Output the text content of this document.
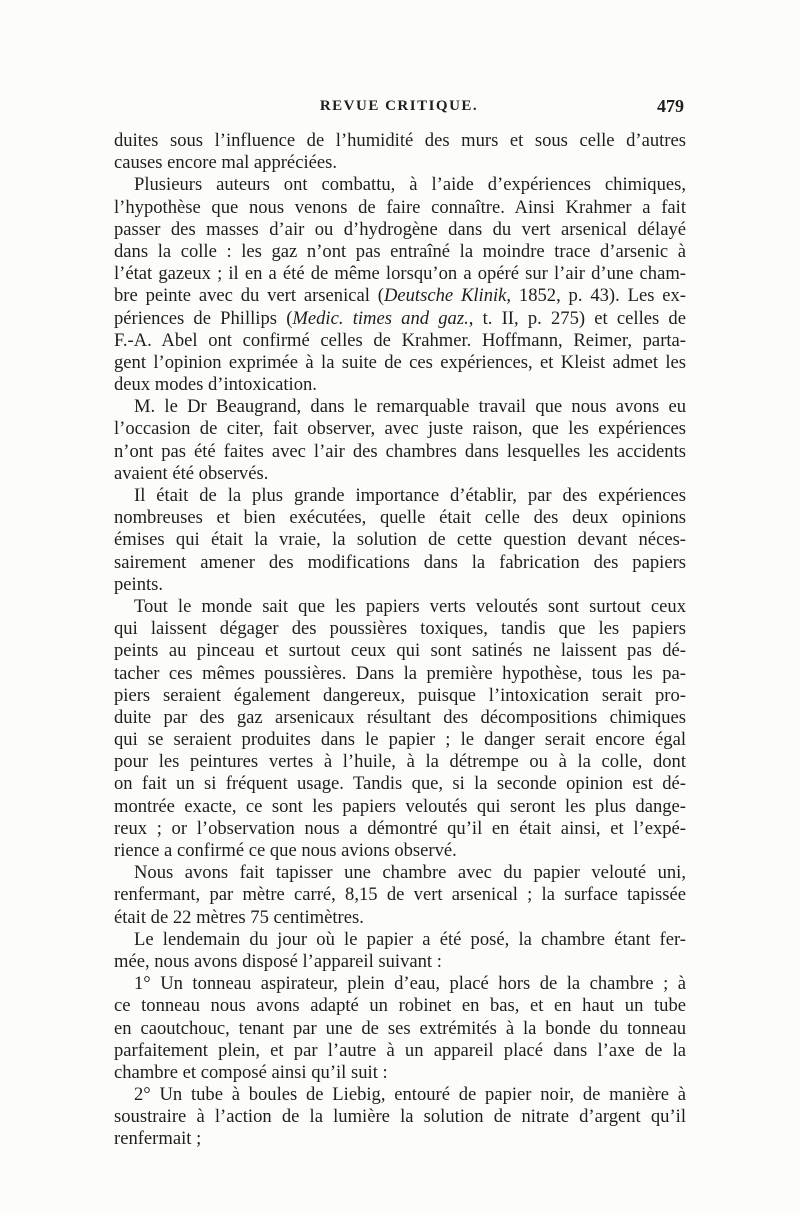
REVUE CRITIQUE.	479
duites sous l’influence de l’humidité des murs et sous celle d’autres
causes encore mal appréciées.
Plusieurs auteurs ont combattu, à l’aide d’expériences chimiques,
l’hypothèse que nous venons de faire connaître. Ainsi Krahmer a fait
passer des masses d’air ou d’hydrogène dans du vert arsenical délayé
dans la colle : les gaz n’ont pas entraîné la moindre trace d’arsenic à
l’état gazeux ; il en a été de même lorsqu’on a opéré sur l’air d’une cham-
bre peinte avec du vert arsenical (Deutsche Klinik, 1852, p. 43). Les ex-
périences de Phillips (Medic. times and gaz., t. II, p. 275) et celles de
F.-A. Abel ont confirmé celles de Krahmer. Hoffmann, Reimer, parta-
gent l’opinion exprimée à la suite de ces expériences, et Kleist admet les
deux modes d’intoxication.
M. le Dr Beaugrand, dans le remarquable travail que nous avons eu
l’occasion de citer, fait observer, avec juste raison, que les expériences
n’ont pas été faites avec l’air des chambres dans lesquelles les accidents
avaient été observés.
Il était de la plus grande importance d’établir, par des expériences
nombreuses et bien exécutées, quelle était celle des deux opinions
émises qui était la vraie, la solution de cette question devant néces-
sairement amener des modifications dans la fabrication des papiers
peints.
Tout le monde sait que les papiers verts veloutés sont surtout ceux
qui laissent dégager des poussières toxiques, tandis que les papiers
peints au pinceau et surtout ceux qui sont satinés ne laissent pas dé-
tacher ces mêmes poussières. Dans la première hypothèse, tous les pa-
piers seraient également dangereux, puisque l’intoxication serait pro-
duite par des gaz arsenicaux résultant des décompositions chimiques
qui se seraient produites dans le papier ; le danger serait encore égal
pour les peintures vertes à l’huile, à la détrempe ou à la colle, dont
on fait un si fréquent usage. Tandis que, si la seconde opinion est dé-
montrée exacte, ce sont les papiers veloutés qui seront les plus dange-
reux ; or l’observation nous a démontré qu’il en était ainsi, et l’expé-
rience a confirmé ce que nous avions observé.
Nous avons fait tapisser une chambre avec du papier velouté uni,
renfermant, par mètre carré, 8,15 de vert arsenical ; la surface tapissée
était de 22 mètres 75 centimètres.
Le lendemain du jour où le papier a été posé, la chambre étant fer-
mée, nous avons disposé l’appareil suivant :
1° Un tonneau aspirateur, plein d’eau, placé hors de la chambre ; à
ce tonneau nous avons adapté un robinet en bas, et en haut un tube
en caoutchouc, tenant par une de ses extrémités à la bonde du tonneau
parfaitement plein, et par l’autre à un appareil placé dans l’axe de la
chambre et composé ainsi qu’il suit :
2° Un tube à boules de Liebig, entouré de papier noir, de manière à
soustraire à l’action de la lumière la solution de nitrate d’argent qu’il
renfermait ;
